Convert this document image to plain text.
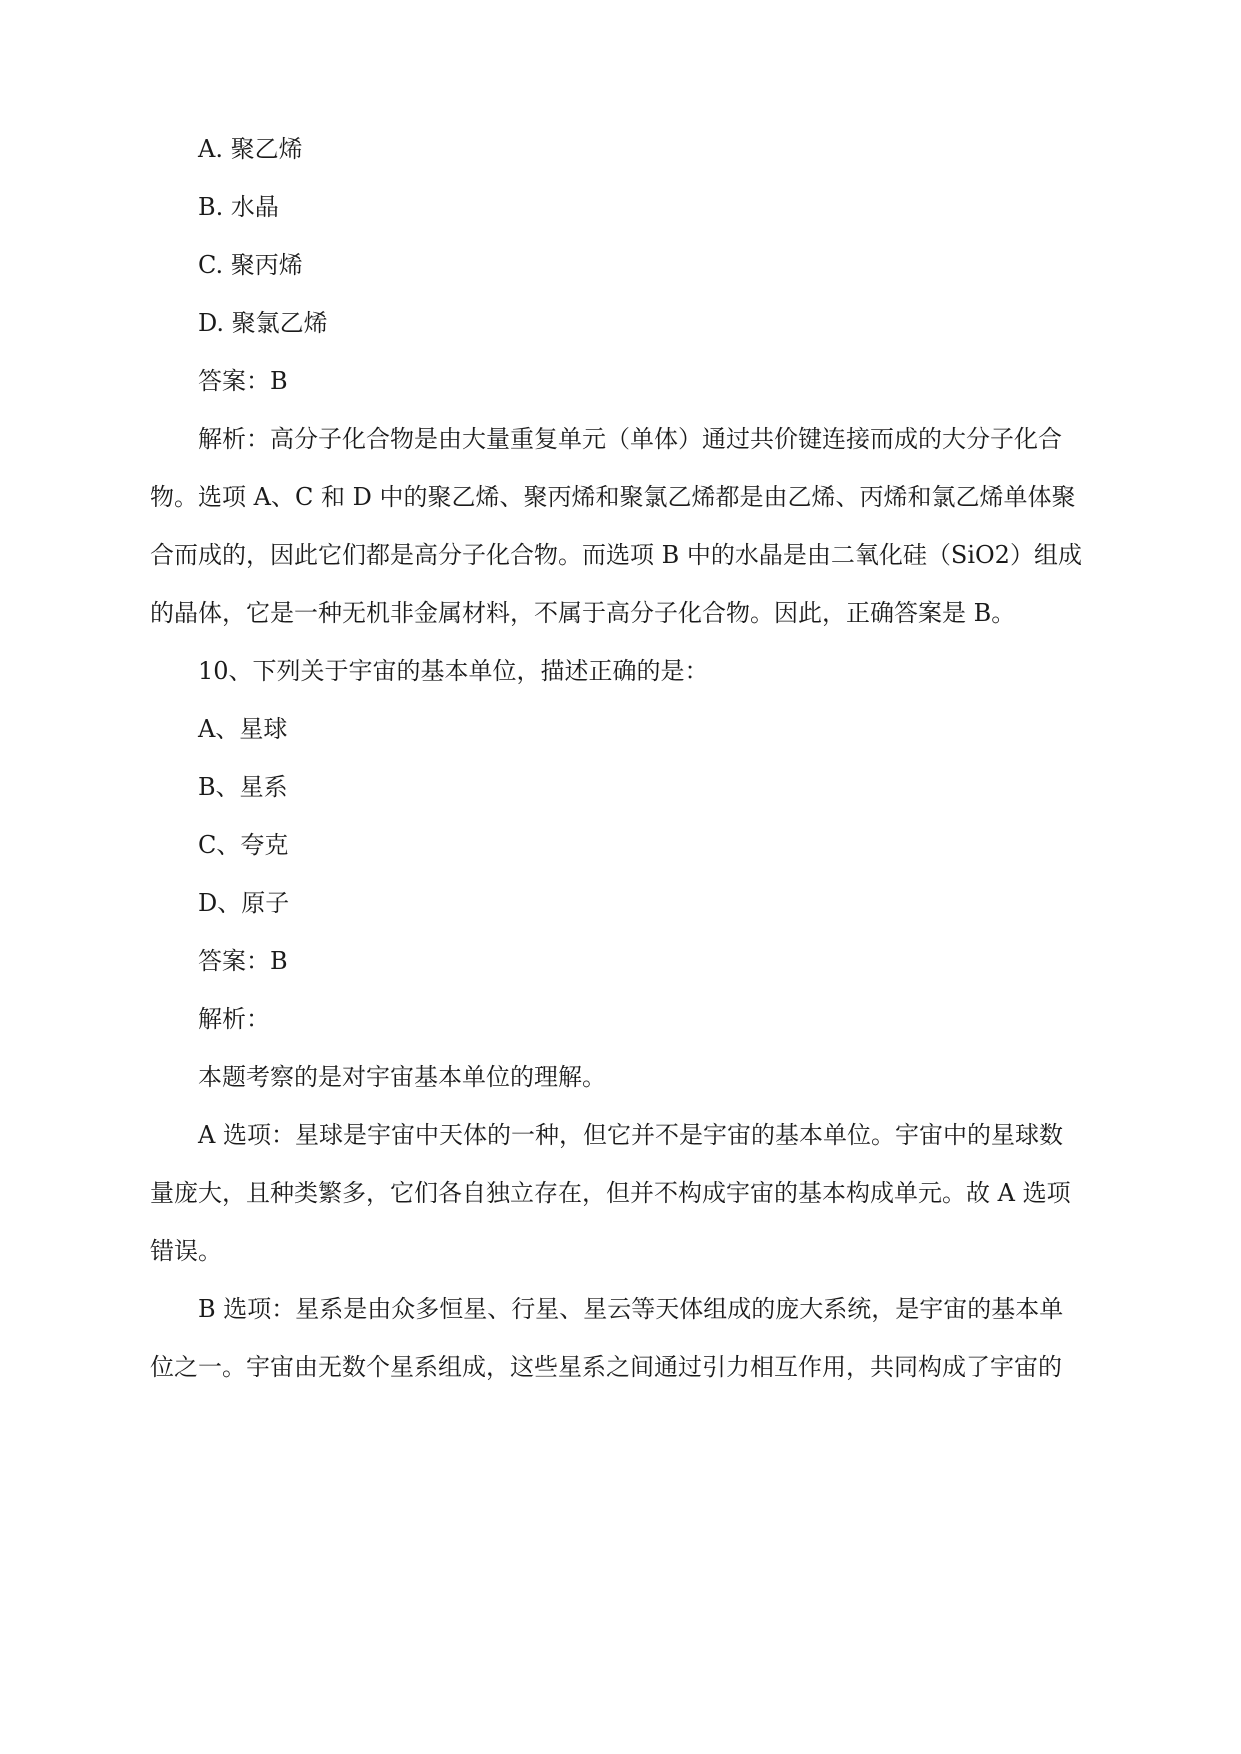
A. 聚乙烯
B. 水晶
C. 聚丙烯
D. 聚氯乙烯
答案：B
解析：高分子化合物是由大量重复单元（单体）通过共价键连接而成的大分子化合
物。选项 A、C 和 D 中的聚乙烯、聚丙烯和聚氯乙烯都是由乙烯、丙烯和氯乙烯单体聚
合而成的，因此它们都是高分子化合物。而选项 B 中的水晶是由二氧化硅（SiO2）组成
的晶体，它是一种无机非金属材料，不属于高分子化合物。因此，正确答案是 B。
10、下列关于宇宙的基本单位，描述正确的是：
A、星球
B、星系
C、夸克
D、原子
答案：B
解析：
本题考察的是对宇宙基本单位的理解。
A 选项：星球是宇宙中天体的一种，但它并不是宇宙的基本单位。宇宙中的星球数
量庞大，且种类繁多，它们各自独立存在，但并不构成宇宙的基本构成单元。故 A 选项
错误。
B 选项：星系是由众多恒星、行星、星云等天体组成的庞大系统，是宇宙的基本单
位之一。宇宙由无数个星系组成，这些星系之间通过引力相互作用，共同构成了宇宙的
